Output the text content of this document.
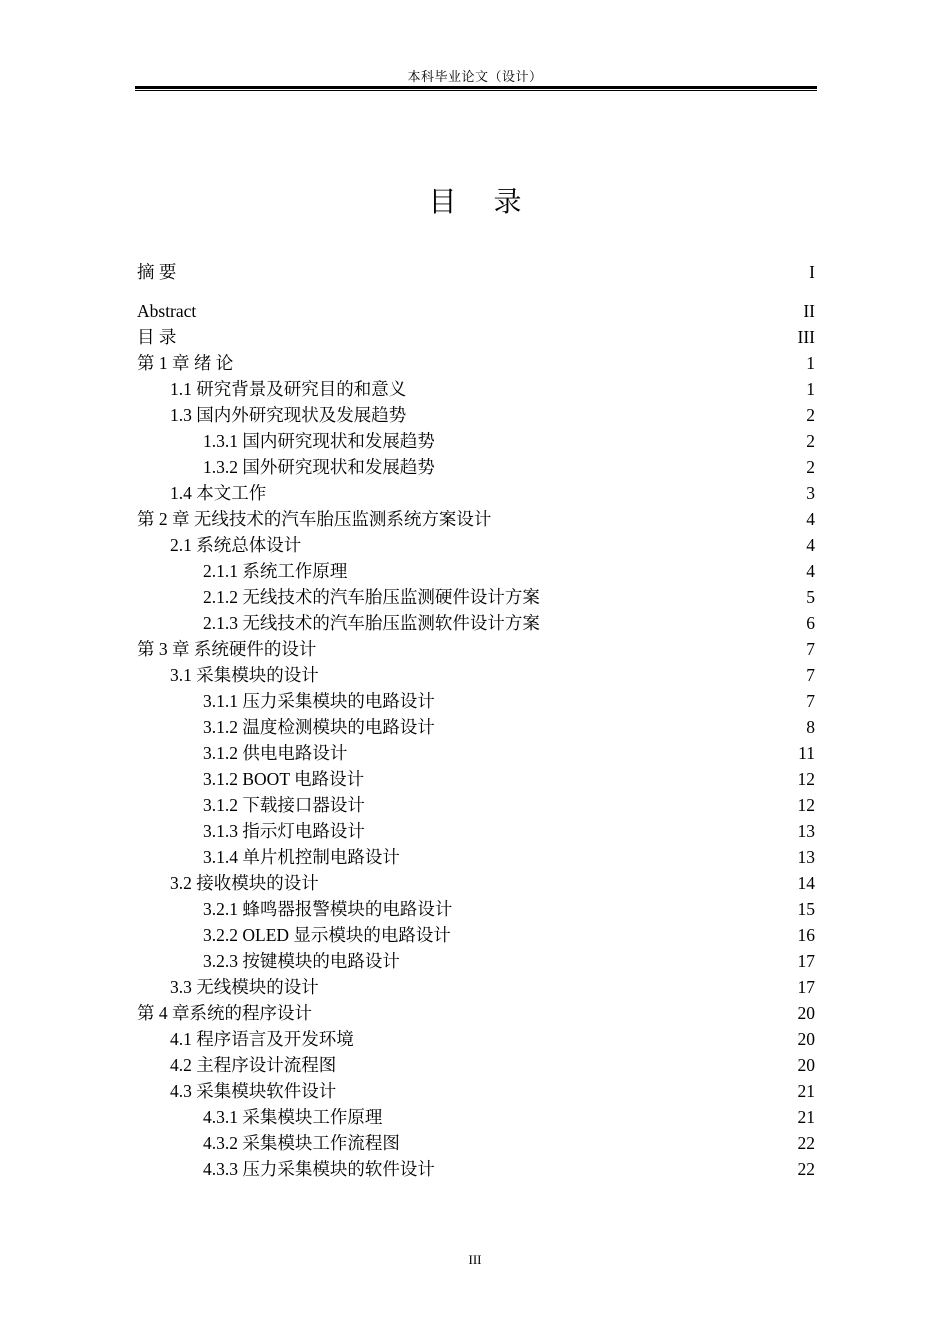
本科毕业论文（设计）
目 录
摘 要	I
Abstract	II
目 录	III
第 1 章 绪 论	1
1.1 研究背景及研究目的和意义	1
1.3 国内外研究现状及发展趋势	2
1.3.1 国内研究现状和发展趋势	2
1.3.2 国外研究现状和发展趋势	2
1.4 本文工作	3
第 2 章 无线技术的汽车胎压监测系统方案设计	4
2.1 系统总体设计	4
2.1.1 系统工作原理	4
2.1.2 无线技术的汽车胎压监测硬件设计方案	5
2.1.3 无线技术的汽车胎压监测软件设计方案	6
第 3 章 系统硬件的设计	7
3.1 采集模块的设计	7
3.1.1 压力采集模块的电路设计	7
3.1.2 温度检测模块的电路设计	8
3.1.2 供电电路设计	11
3.1.2 BOOT 电路设计	12
3.1.2 下载接口器设计	12
3.1.3 指示灯电路设计	13
3.1.4 单片机控制电路设计	13
3.2 接收模块的设计	14
3.2.1 蜂鸣器报警模块的电路设计	15
3.2.2 OLED 显示模块的电路设计	16
3.2.3 按键模块的电路设计	17
3.3 无线模块的设计	17
第 4 章系统的程序设计	20
4.1 程序语言及开发环境	20
4.2 主程序设计流程图	20
4.3 采集模块软件设计	21
4.3.1 采集模块工作原理	21
4.3.2 采集模块工作流程图	22
4.3.3 压力采集模块的软件设计	22
III
